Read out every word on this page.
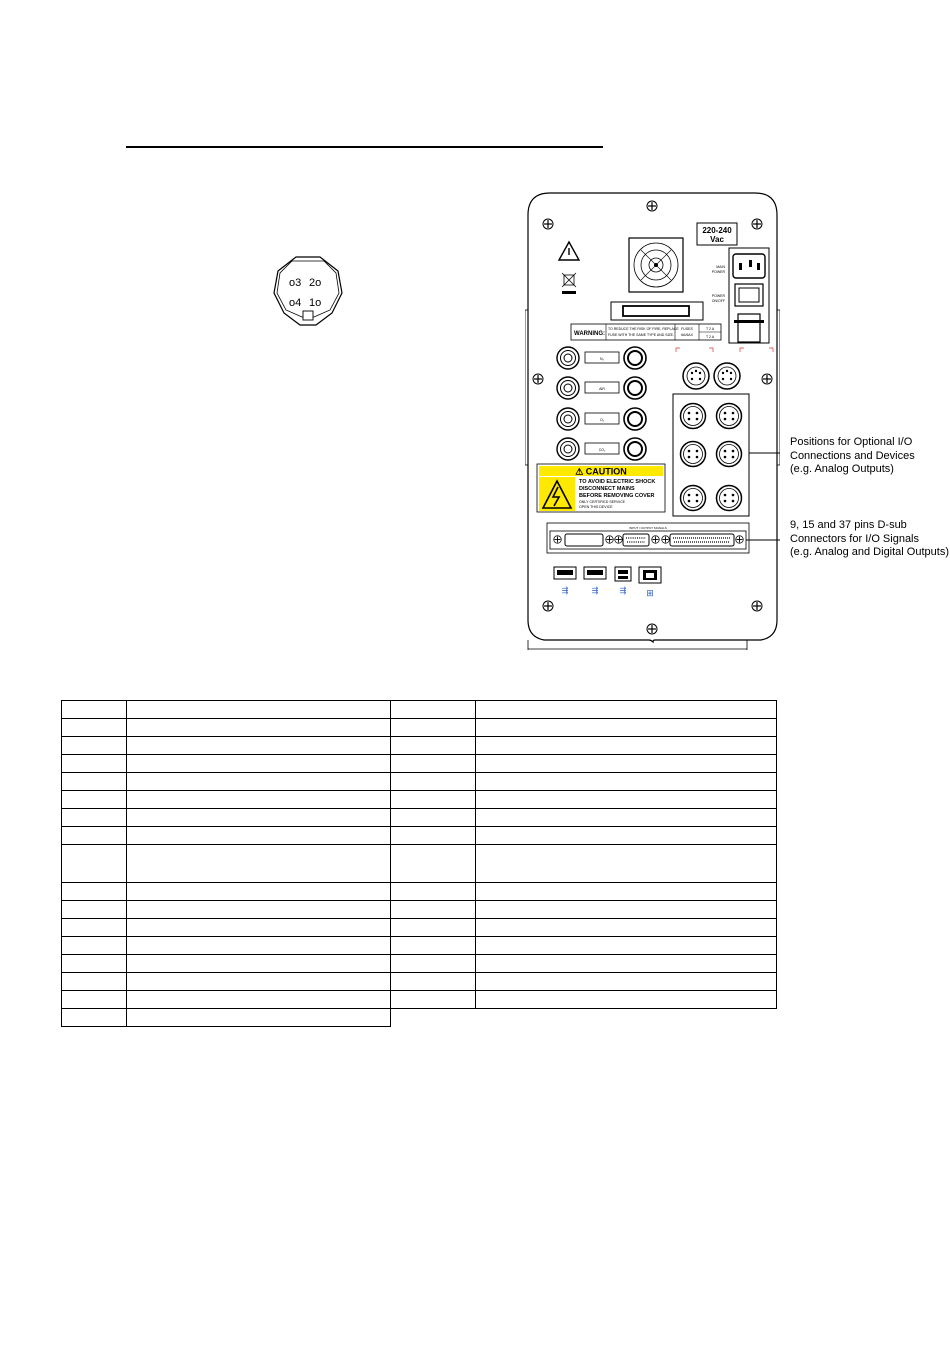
o3 2o
o4 1o
220-240
Vac
MAIN
POWER
POWER
ON/OFF
WARNING:
TO REDUCE THE RISK OF FIRE, REPLACE
FUSE WITH THE SAME TYPE AND SIZE.
FUSES
6A/6AX
T 2 A
T 2 A
N₂
AIR
O₂
CO₂
⚠ CAUTION
TO AVOID ELECTRIC SHOCK
DISCONNECT MAINS
BEFORE REMOVING COVER
ONLY CERTIFIED SERVICE
OPEN THIS DEVICE
INPUT / OUTPUT SIGNALS
⇶	⇶	⇶ ⊞
Positions for Optional I/O
Connections and Devices
(e.g. Analog Outputs)
9, 15 and 37 pins D-sub
Connectors for I/O Signals
(e.g. Analog and Digital Outputs)
